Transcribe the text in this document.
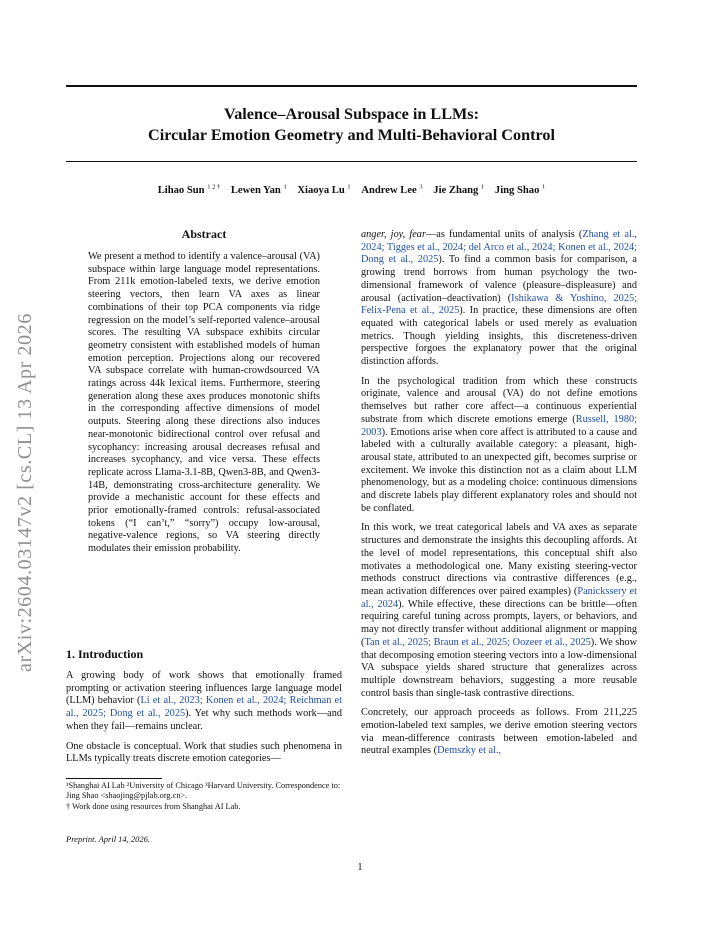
arXiv:2604.03147v2 [cs.CL] 13 Apr 2026
Valence–Arousal Subspace in LLMs:
Circular Emotion Geometry and Multi-Behavioral Control
Lihao Sun $^{1 2 \dagger}$ Lewen Yan $^1$ Xiaoya Lu $^1$ Andrew Lee $^3$ Jie Zhang $^1$ Jing Shao $^1$
Abstract
We present a method to identify a valence–arousal (VA) subspace within large language model representations. From 211k emotion-labeled texts, we derive emotion steering vectors, then learn VA axes as linear combinations of their top PCA components via ridge regression on the model’s self-reported valence–arousal scores. The resulting VA subspace exhibits circular geometry consistent with established models of human emotion perception. Projections along our recovered VA subspace correlate with human-crowdsourced VA ratings across 44k lexical items. Furthermore, steering generation along these axes produces monotonic shifts in the corresponding affective dimensions of model outputs. Steering along these directions also induces near-monotonic bidirectional control over refusal and sycophancy: increasing arousal decreases refusal and increases sycophancy, and vice versa. These effects replicate across Llama-3.1-8B, Qwen3-8B, and Qwen3-14B, demonstrating cross-architecture generality. We provide a mechanistic account for these effects and prior emotionally-framed controls: refusal-associated tokens (“I can’t,” “sorry”) occupy low-arousal, negative-valence regions, so VA steering directly modulates their emission probability.
1. Introduction

A growing body of work shows that emotionally framed prompting or activation steering influences large language model (LLM) behavior (Li et al., 2023; Konen et al., 2024; Reichman et al., 2025; Dong et al., 2025). Yet why such methods work—and when they fail—remains unclear.

One obstacle is conceptual. Work that studies such phenomena in LLMs typically treats discrete emotion categories—

¹Shanghai AI Lab ²University of Chicago ³Harvard University. Correspondence to: Jing Shao <shaojing@pjlab.org.cn>.
† Work done using resources from Shanghai AI Lab.
Preprint. April 14, 2026.

anger, joy, fear—as fundamental units of analysis (Zhang et al., 2024; Tigges et al., 2024; del Arco et al., 2024; Konen et al., 2024; Dong et al., 2025). To find a common basis for comparison, a growing trend borrows from human psychology the two-dimensional framework of valence (pleasure–displeasure) and arousal (activation–deactivation) (Ishikawa & Yoshino, 2025; Felix-Pena et al., 2025). In practice, these dimensions are often equated with categorical labels or used merely as evaluation metrics. Though yielding insights, this discreteness-driven perspective forgoes the explanatory power that the original distinction affords.

In the psychological tradition from which these constructs originate, valence and arousal (VA) do not define emotions themselves but rather core affect—a continuous experiential substrate from which discrete emotions emerge (Russell, 1980; 2003). Emotions arise when core affect is attributed to a cause and labeled with a culturally available category: a pleasant, high-arousal state, attributed to an unexpected gift, becomes surprise or excitement. We invoke this distinction not as a claim about LLM phenomenology, but as a modeling choice: continuous dimensions and discrete labels play different explanatory roles and should not be conflated.

In this work, we treat categorical labels and VA axes as separate structures and demonstrate the insights this decoupling affords. At the level of model representations, this conceptual shift also motivates a methodological one. Many existing steering-vector methods construct directions via contrastive differences (e.g., mean activation differences over paired examples) (Panickssery et al., 2024). While effective, these directions can be brittle—often requiring careful tuning across prompts, layers, or behaviors, and may not directly transfer without additional alignment or mapping (Tan et al., 2025; Braun et al., 2025; Oozeer et al., 2025). We show that decomposing emotion steering vectors into a low-dimensional VA subspace yields shared structure that generalizes across multiple downstream behaviors, suggesting a more reusable control basis than single-task contrastive directions.

Concretely, our approach proceeds as follows. From 211,225 emotion-labeled text samples, we derive emotion steering vectors via mean-difference contrasts between emotion-labeled and neutral examples (Demszky et al.,

1
